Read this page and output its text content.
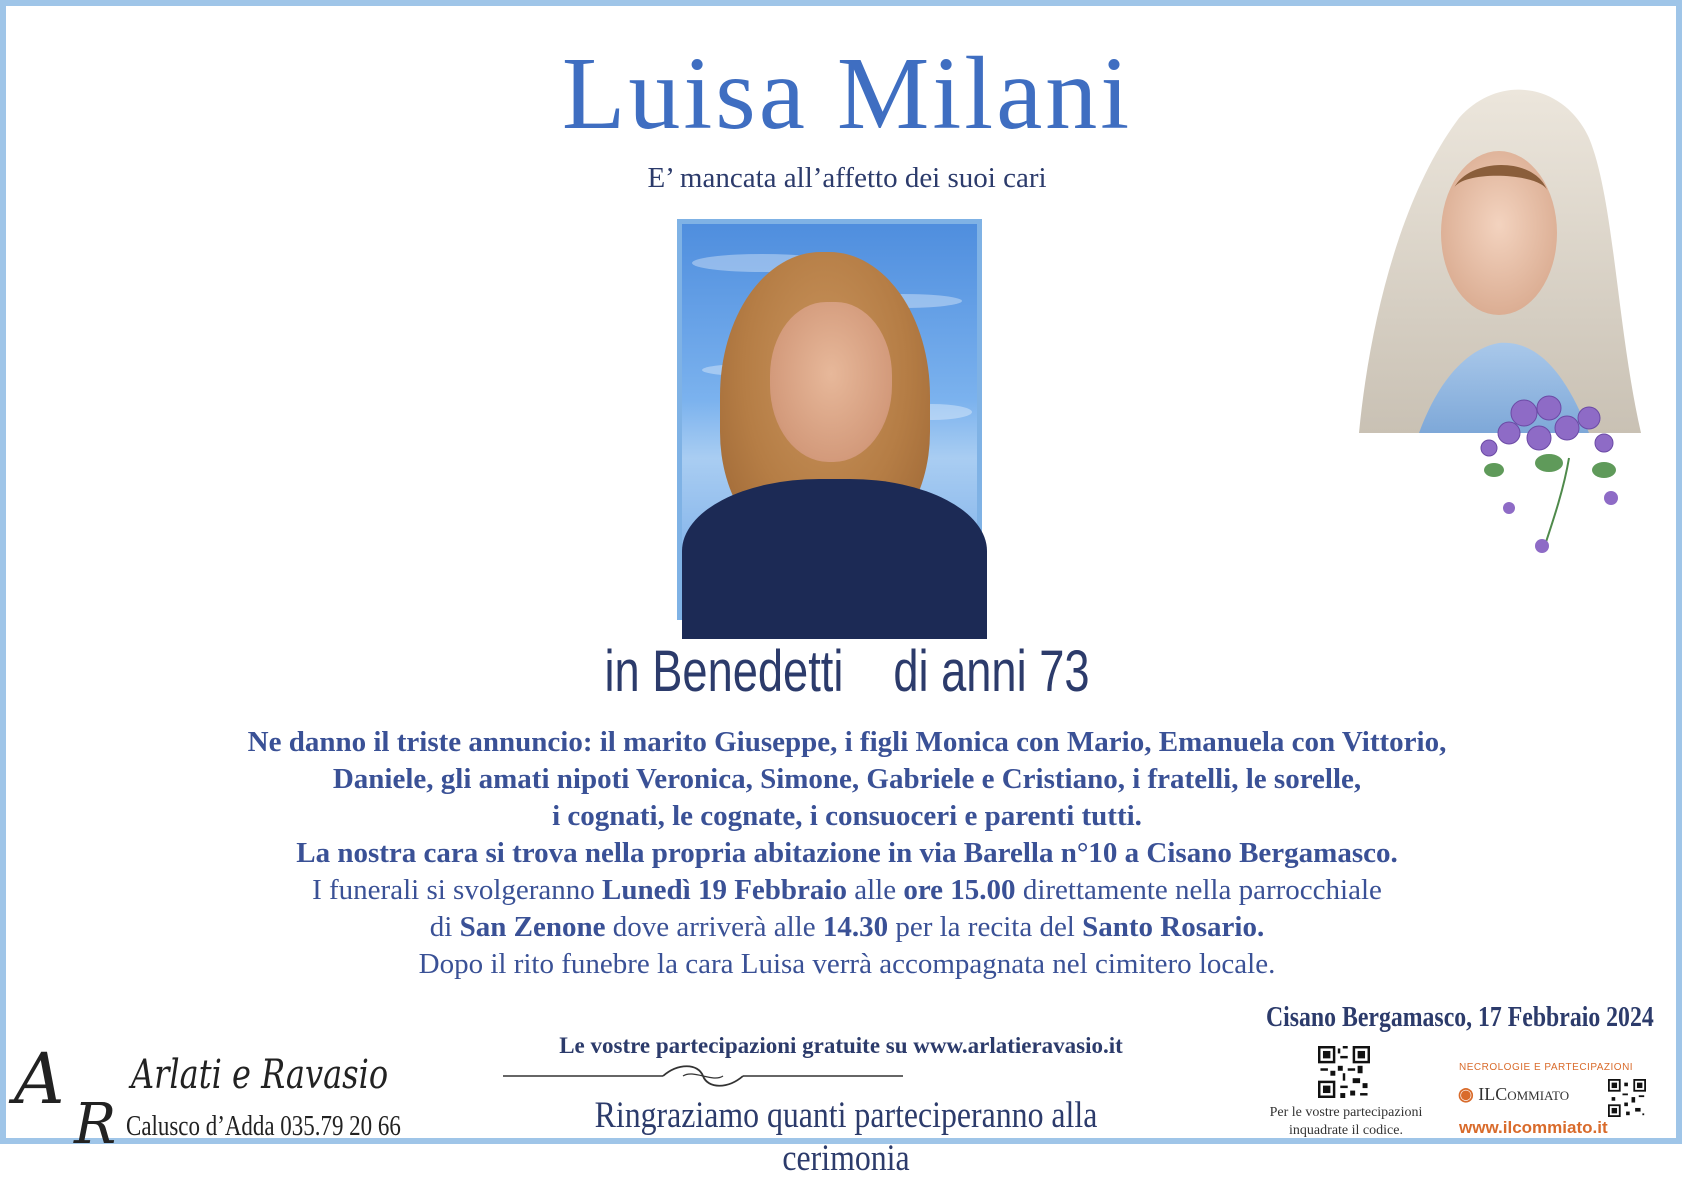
Luisa Milani
E’ mancata all’affetto dei suoi cari
in Benedetti di anni 73

Ne danno il triste annuncio: il marito Giuseppe, i figli Monica con Mario, Emanuela con Vittorio,

Daniele, gli amati nipoti Veronica, Simone, Gabriele e Cristiano, i fratelli, le sorelle,

i cognati, le cognate, i consuoceri e parenti tutti.

La nostra cara si trova nella propria abitazione in via Barella n°10 a Cisano Bergamasco.

I funerali si svolgeranno Lunedì 19 Febbraio alle ore 15.00 direttamente nella parrocchiale

di San Zenone dove arriverà alle 14.30 per la recita del Santo Rosario.

Dopo il rito funebre la cara Luisa verrà accompagnata nel cimitero locale.

Cisano Bergamasco, 17 Febbraio 2024
A
R
Arlati e Ravasio
Calusco d’Adda 035.79 20 66
Le vostre partecipazioni gratuite su www.arlatieravasio.it
Ringraziamo quanti parteciperanno alla cerimonia
Per le vostre partecipazioni
inquadrate il codice.
NECROLOGIE E PARTECIPAZIONI
◉ ILCommiato
www.ilcommiato.it
